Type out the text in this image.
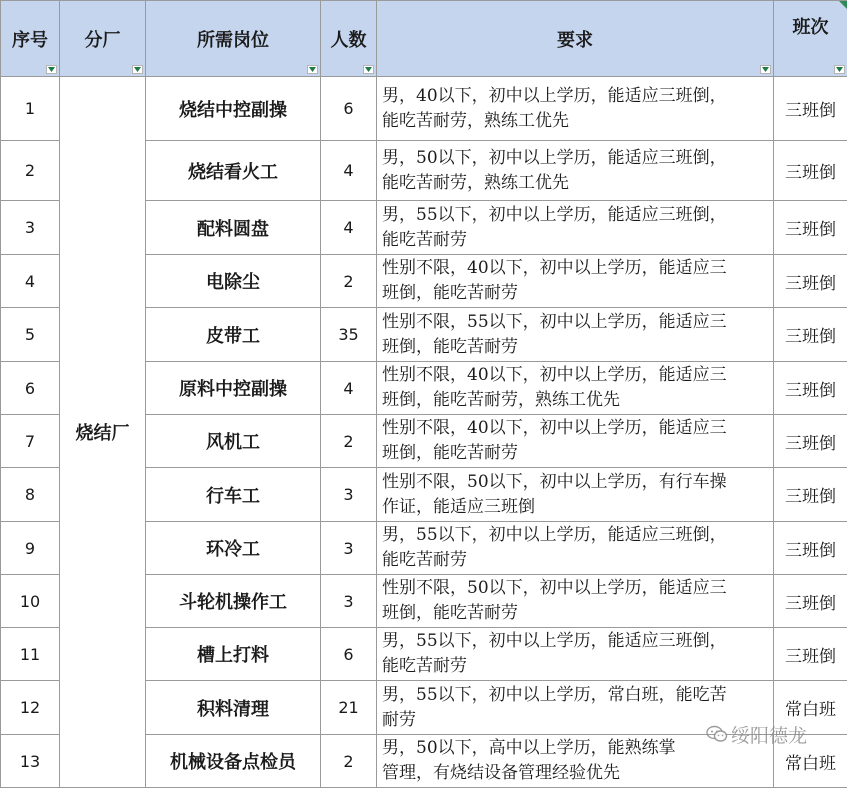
序号	分厂	所需岗位	人数	要求	班次

1	烧结厂	烧结中控副操	6	男，40以下，初中以上学历，能适应三班倒，
能吃苦耐劳，熟练工优先	三班倒
2		烧结看火工	4	男，50以下，初中以上学历，能适应三班倒，
能吃苦耐劳，熟练工优先	三班倒
3		配料圆盘	4	男，55以下，初中以上学历，能适应三班倒，
能吃苦耐劳	三班倒
4		电除尘	2	性别不限，40以下，初中以上学历，能适应三
班倒，能吃苦耐劳	三班倒
5		皮带工	35	性别不限，55以下，初中以上学历，能适应三
班倒，能吃苦耐劳	三班倒
6		原料中控副操	4	性别不限，40以下，初中以上学历，能适应三
班倒，能吃苦耐劳，熟练工优先	三班倒
7		风机工	2	性别不限，40以下，初中以上学历，能适应三
班倒，能吃苦耐劳	三班倒
8		行车工	3	性别不限，50以下，初中以上学历，有行车操
作证，能适应三班倒	三班倒
9		环冷工	3	男，55以下，初中以上学历，能适应三班倒，
能吃苦耐劳	三班倒
10		斗轮机操作工	3	性别不限，50以下，初中以上学历，能适应三
班倒，能吃苦耐劳	三班倒
11		槽上打料	6	男，55以下，初中以上学历，能适应三班倒，
能吃苦耐劳	三班倒
12		积料清理	21	男，55以下，初中以上学历，常白班，能吃苦
耐劳	常白班
13		机械设备点检员	2	男，50以下，高中以上学历，能熟练掌
管理，有烧结设备管理经验优先	常白班
绥阳德龙
